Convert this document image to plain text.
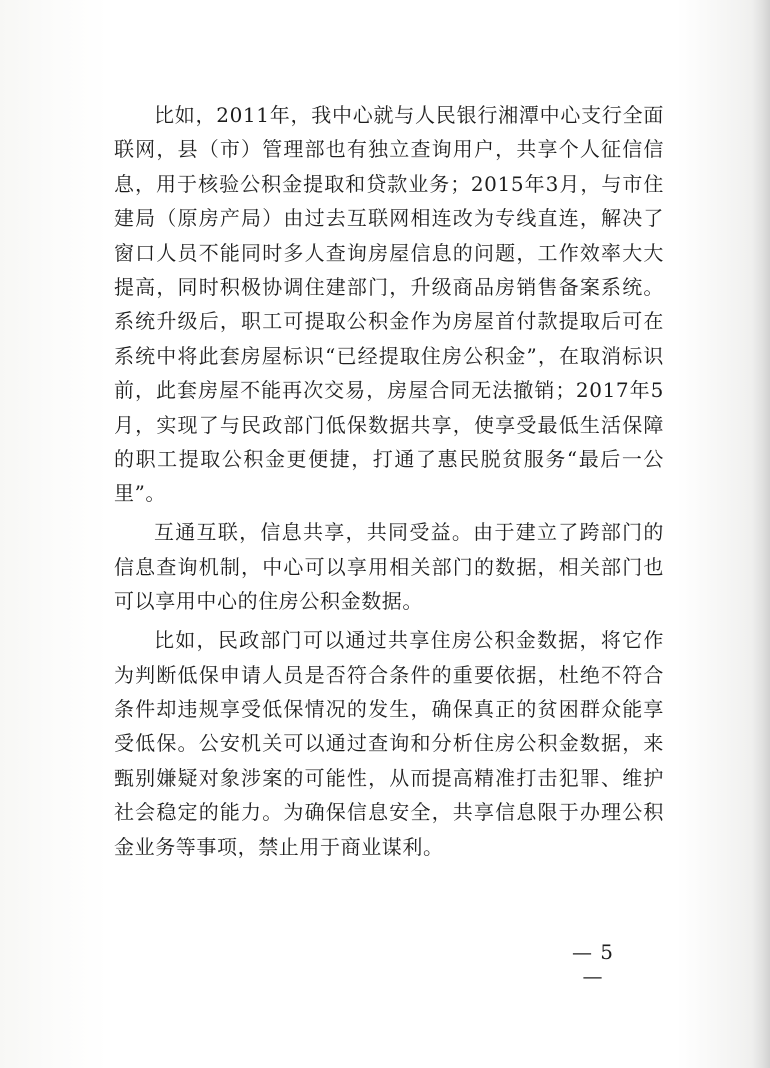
比如，2011年，我中心就与人民银行湘潭中心支行全面联网，县（市）管理部也有独立查询用户，共享个人征信信息，用于核验公积金提取和贷款业务；2015年3月，与市住建局（原房产局）由过去互联网相连改为专线直连，解决了窗口人员不能同时多人查询房屋信息的问题，工作效率大大提高，同时积极协调住建部门，升级商品房销售备案系统。系统升级后，职工可提取公积金作为房屋首付款提取后可在系统中将此套房屋标识“已经提取住房公积金”，在取消标识前，此套房屋不能再次交易，房屋合同无法撤销；2017年5月，实现了与民政部门低保数据共享，使享受最低生活保障的职工提取公积金更便捷，打通了惠民脱贫服务“最后一公里”。

互通互联，信息共享，共同受益。由于建立了跨部门的信息查询机制，中心可以享用相关部门的数据，相关部门也可以享用中心的住房公积金数据。

比如，民政部门可以通过共享住房公积金数据，将它作为判断低保申请人员是否符合条件的重要依据，杜绝不符合条件却违规享受低保情况的发生，确保真正的贫困群众能享受低保。公安机关可以通过查询和分析住房公积金数据，来甄别嫌疑对象涉案的可能性，从而提高精准打击犯罪、维护社会稳定的能力。为确保信息安全，共享信息限于办理公积金业务等事项，禁止用于商业谋利。

— 5 —
